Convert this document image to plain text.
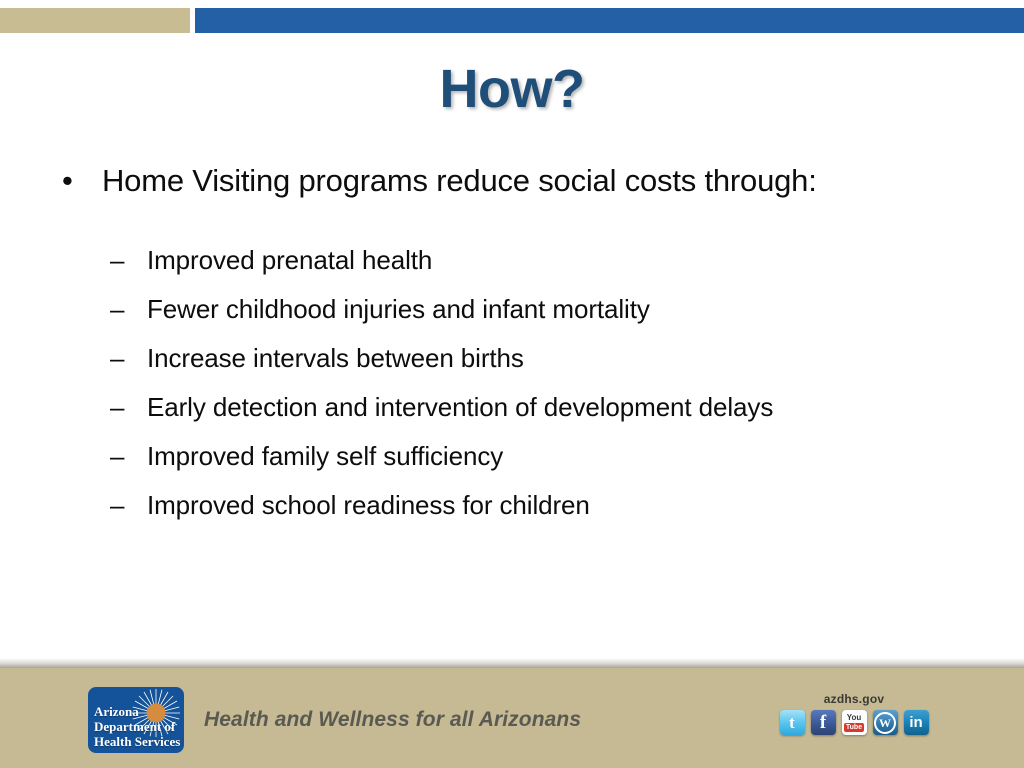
How?
• Home Visiting programs reduce social costs through:
– Improved prenatal health
– Fewer childhood injuries and infant mortality
– Increase intervals between births
– Early detection and intervention of development delays
– Improved family self sufficiency
– Improved school readiness for children
Arizona
Department of
Health Services
Health and Wellness for all Arizonans
azdhs.gov
t f	You
Tube	W	in
